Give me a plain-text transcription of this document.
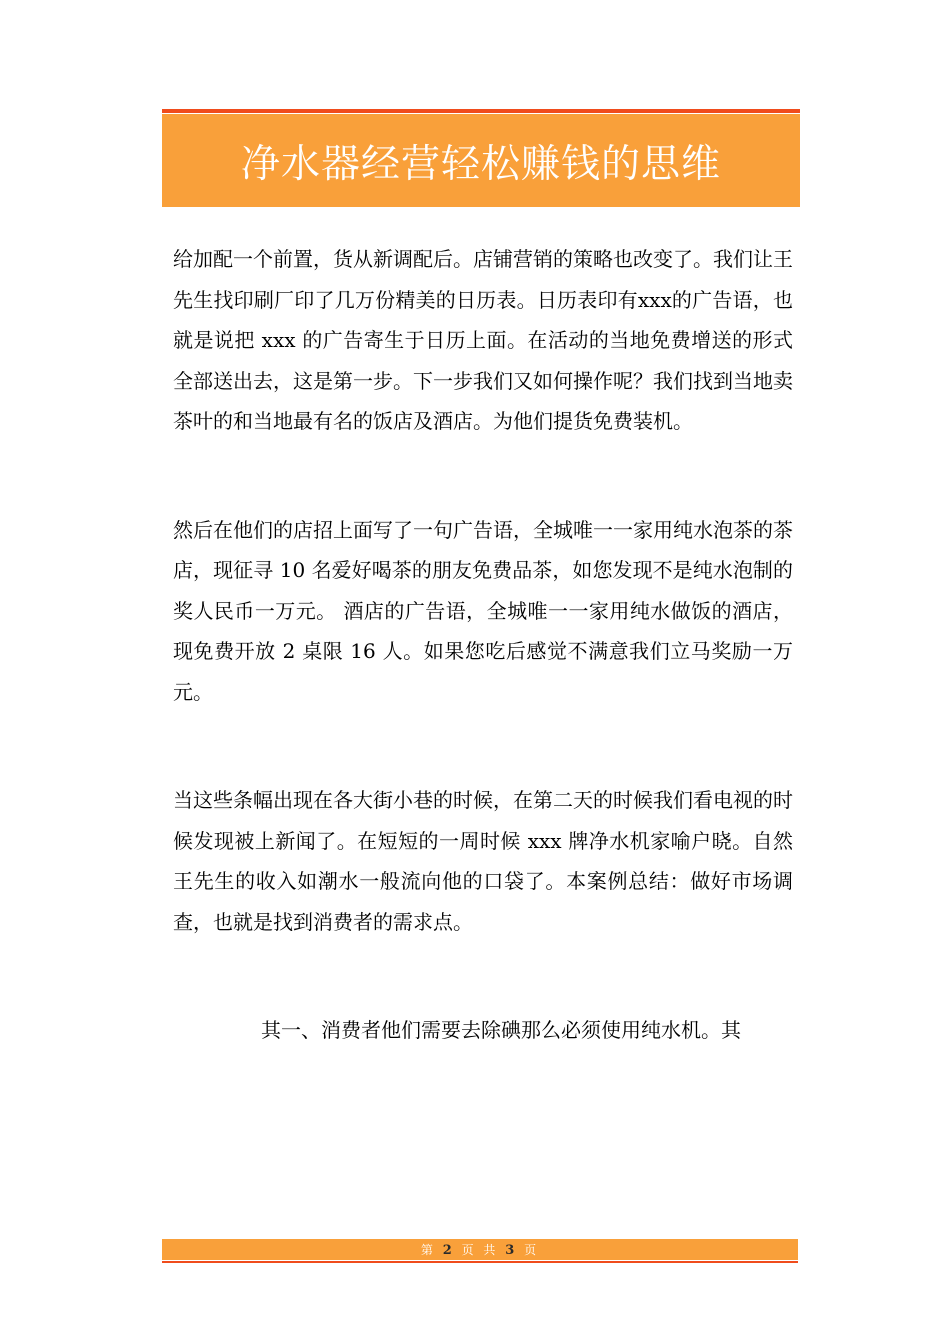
净水器经营轻松赚钱的思维

给加配一个前置，货从新调配后。店铺营销的策略也改变了。我们让王先生找印刷厂印了几万份精美的日历表。日历表印有xxx的广告语，也就是说把 xxx 的广告寄生于日历上面。在活动的当地免费增送的形式全部送出去，这是第一步。下一步我们又如何操作呢？我们找到当地卖茶叶的和当地最有名的饭店及酒店。为他们提货免费装机。

然后在他们的店招上面写了一句广告语，全城唯一一家用纯水泡茶的茶店，现征寻 10 名爱好喝茶的朋友免费品茶，如您发现不是纯水泡制的奖人民币一万元。 酒店的广告语，全城唯一一家用纯水做饭的酒店，现免费开放 2 桌限 16 人。如果您吃后感觉不满意我们立马奖励一万元。

当这些条幅出现在各大街小巷的时候，在第二天的时候我们看电视的时候发现被上新闻了。在短短的一周时候 xxx 牌净水机家喻户晓。自然王先生的收入如潮水一般流向他的口袋了。本案例总结：做好市场调查，也就是找到消费者的需求点。

其一、消费者他们需要去除碘那么必须使用纯水机。其

第 2 页 共 3 页
